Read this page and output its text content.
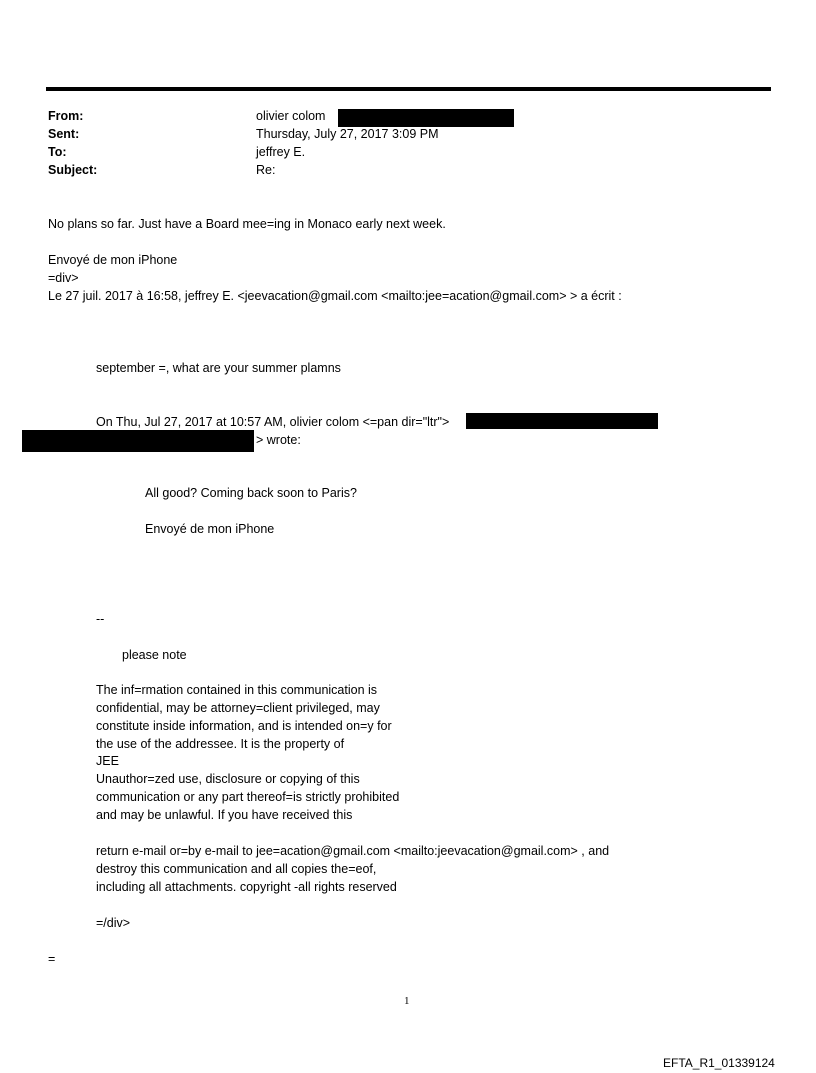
From:	olivier colom
Sent:	Thursday, July 27, 2017 3:09 PM
To:	jeffrey E.
Subject:	Re:
No plans so far. Just have a Board mee=ing in Monaco early next week.
Envoyé de mon iPhone
=div>
Le 27 juil. 2017 à 16:58, jeffrey E. <jeevacation@gmail.com <mailto:jee=acation@gmail.com> > a écrit :
september =, what are your summer plamns
On Thu, Jul 27, 2017 at 10:57 AM, olivier colom <=pan dir="ltr">
> wrote:
All good? Coming back soon to Paris?
Envoyé de mon iPhone
--
please note
The inf=rmation contained in this communication is
confidential, may be attorney=client privileged, may
constitute inside information, and is intended on=y for
the use of the addressee. It is the property of
JEE
Unauthor=zed use, disclosure or copying of this
communication or any part thereof=is strictly prohibited
and may be unlawful. If you have received this
return e-mail or=by e-mail to jee=acation@gmail.com <mailto:jeevacation@gmail.com> , and
destroy this communication and all copies the=eof,
including all attachments. copyright -all rights reserved
=/div>
=
1
EFTA_R1_01339124
